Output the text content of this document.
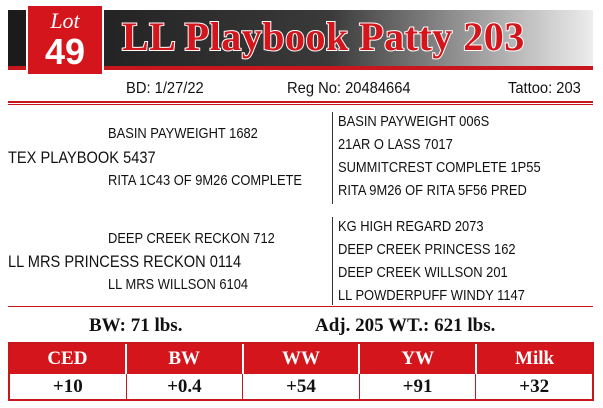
Lot
49 LL Playbook Patty 203
BD: 1/27/22	Reg No: 20484664	Tattoo: 203
BASIN PAYWEIGHT 1682
TEX PLAYBOOK 5437
RITA 1C43 OF 9M26 COMPLETE
BASIN PAYWEIGHT 006S
21AR O LASS 7017
SUMMITCREST COMPLETE 1P55
RITA 9M26 OF RITA 5F56 PRED
DEEP CREEK RECKON 712
LL MRS PRINCESS RECKON 0114
LL MRS WILLSON 6104
KG HIGH REGARD 2073
DEEP CREEK PRINCESS 162
DEEP CREEK WILLSON 201
LL POWDERPUFF WINDY 1147
BW: 71 lbs.	Adj. 205 WT.: 621 lbs.
CED	BW	WW	YW	Milk
+10	+0.4	+54	+91	+32
